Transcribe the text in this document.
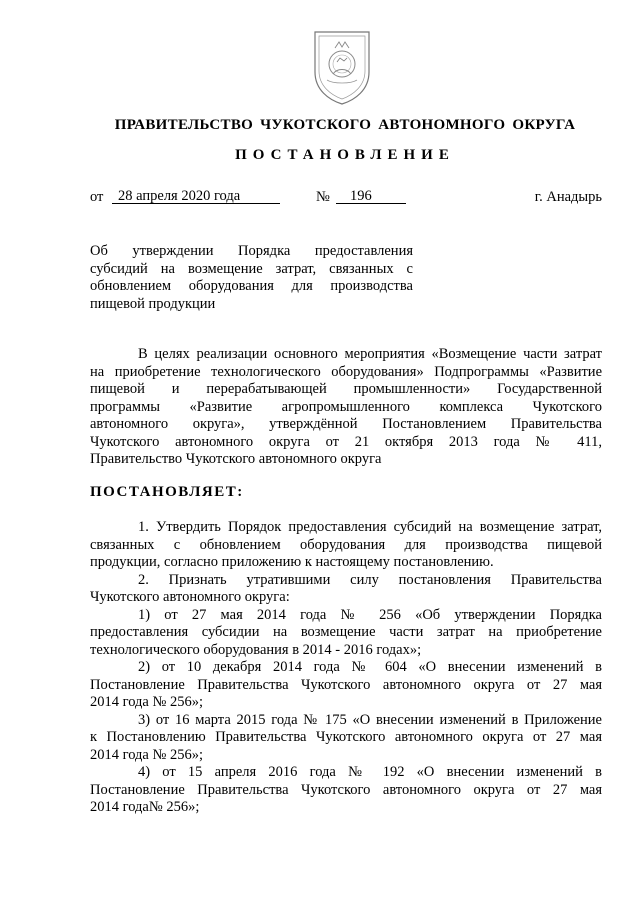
ПРАВИТЕЛЬСТВО ЧУКОТСКОГО АВТОНОМНОГО ОКРУГА
ПОСТАНОВЛЕНИЕ
от	28 апреля 2020 года	№	196	г. Анадырь
Об утверждении Порядка предоставления
субсидий на возмещение затрат, связанных с
обновлением оборудования для производства
пищевой продукции
В целях реализации основного мероприятия «Возмещение части затрат
на приобретение технологического оборудования» Подпрограммы «Развитие
пищевой и перерабатывающей промышленности» Государственной
программы «Развитие агропромышленного комплекса Чукотского
автономного округа», утверждённой Постановлением Правительства
Чукотского автономного округа от 21 октября 2013 года № 411,
Правительство Чукотского автономного округа
ПОСТАНОВЛЯЕТ:
1. Утвердить Порядок предоставления субсидий на возмещение затрат,
связанных с обновлением оборудования для производства пищевой
продукции, согласно приложению к настоящему постановлению.
2. Признать утратившими силу постановления Правительства
Чукотского автономного округа:
1) от 27 мая 2014 года № 256 «Об утверждении Порядка
предоставления субсидии на возмещение части затрат на приобретение
технологического оборудования в 2014 - 2016 годах»;
2) от 10 декабря 2014 года № 604 «О внесении изменений в
Постановление Правительства Чукотского автономного округа от 27 мая
2014 года № 256»;
3) от 16 марта 2015 года № 175 «О внесении изменений в Приложение
к Постановлению Правительства Чукотского автономного округа от 27 мая
2014 года № 256»;
4) от 15 апреля 2016 года № 192 «О внесении изменений в
Постановление Правительства Чукотского автономного округа от 27 мая
2014 года№ 256»;
